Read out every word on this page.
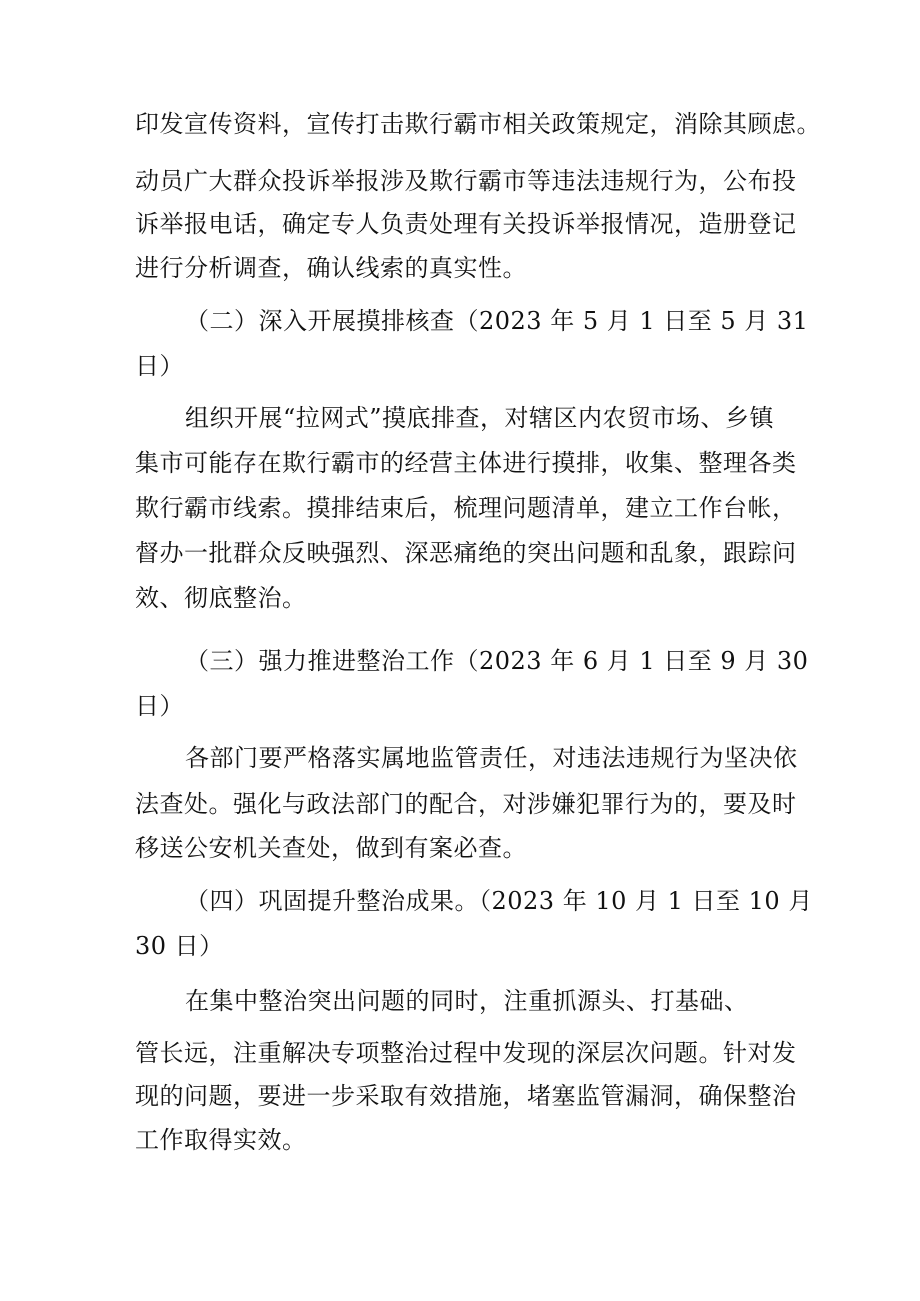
印发宣传资料，宣传打击欺行霸市相关政策规定，消除其顾虑。
动员广大群众投诉举报涉及欺行霸市等违法违规行为，公布投
诉举报电话，确定专人负责处理有关投诉举报情况，造册登记
进行分析调查，确认线索的真实性。
（二）深入开展摸排核查（2023 年 5 月 1 日至 5 月 31
日）
组织开展“拉网式”摸底排查，对辖区内农贸市场、乡镇
集市可能存在欺行霸市的经营主体进行摸排，收集、整理各类
欺行霸市线索。摸排结束后，梳理问题清单，建立工作台帐，
督办一批群众反映强烈、深恶痛绝的突出问题和乱象，跟踪问
效、彻底整治。
（三）强力推进整治工作（2023 年 6 月 1 日至 9 月 30
日）
各部门要严格落实属地监管责任，对违法违规行为坚决依
法查处。强化与政法部门的配合，对涉嫌犯罪行为的，要及时
移送公安机关查处，做到有案必查。
（四）巩固提升整治成果。（2023 年 10 月 1 日至 10 月
30 日）
在集中整治突出问题的同时，注重抓源头、打基础、
管长远，注重解决专项整治过程中发现的深层次问题。针对发
现的问题，要进一步采取有效措施，堵塞监管漏洞，确保整治
工作取得实效。
